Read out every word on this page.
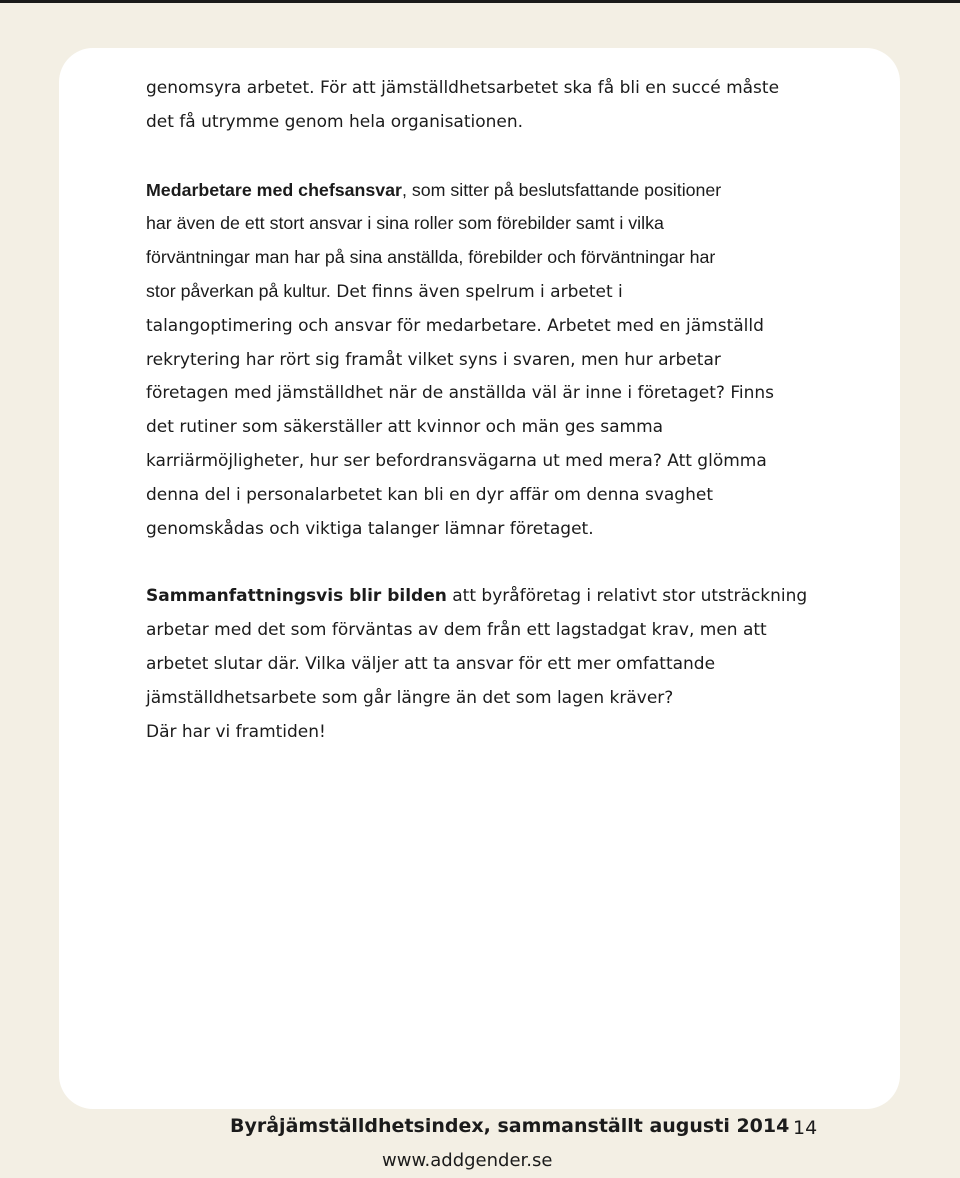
genomsyra arbetet. För att jämställdhetsarbetet ska få bli en succé måste
det få utrymme genom hela organisationen.

Medarbetare med chefsansvar, som sitter på beslutsfattande positioner
har även de ett stort ansvar i sina roller som förebilder samt i vilka
förväntningar man har på sina anställda, förebilder och förväntningar har
stor påverkan på kultur. Det finns även spelrum i arbetet i
talangoptimering och ansvar för medarbetare. Arbetet med en jämställd
rekrytering har rört sig framåt vilket syns i svaren, men hur arbetar
företagen med jämställdhet när de anställda väl är inne i företaget? Finns
det rutiner som säkerställer att kvinnor och män ges samma
karriärmöjligheter, hur ser befordransvägarna ut med mera? Att glömma
denna del i personalarbetet kan bli en dyr affär om denna svaghet
genomskådas och viktiga talanger lämnar företaget.

Sammanfattningsvis blir bilden att byråföretag i relativt stor utsträckning
arbetar med det som förväntas av dem från ett lagstadgat krav, men att
arbetet slutar där. Vilka väljer att ta ansvar för ett mer omfattande
jämställdhetsarbete som går längre än det som lagen kräver?
Där har vi framtiden!

Byråjämställdhetsindex, sammanställt augusti 2014 14
www.addgender.se
